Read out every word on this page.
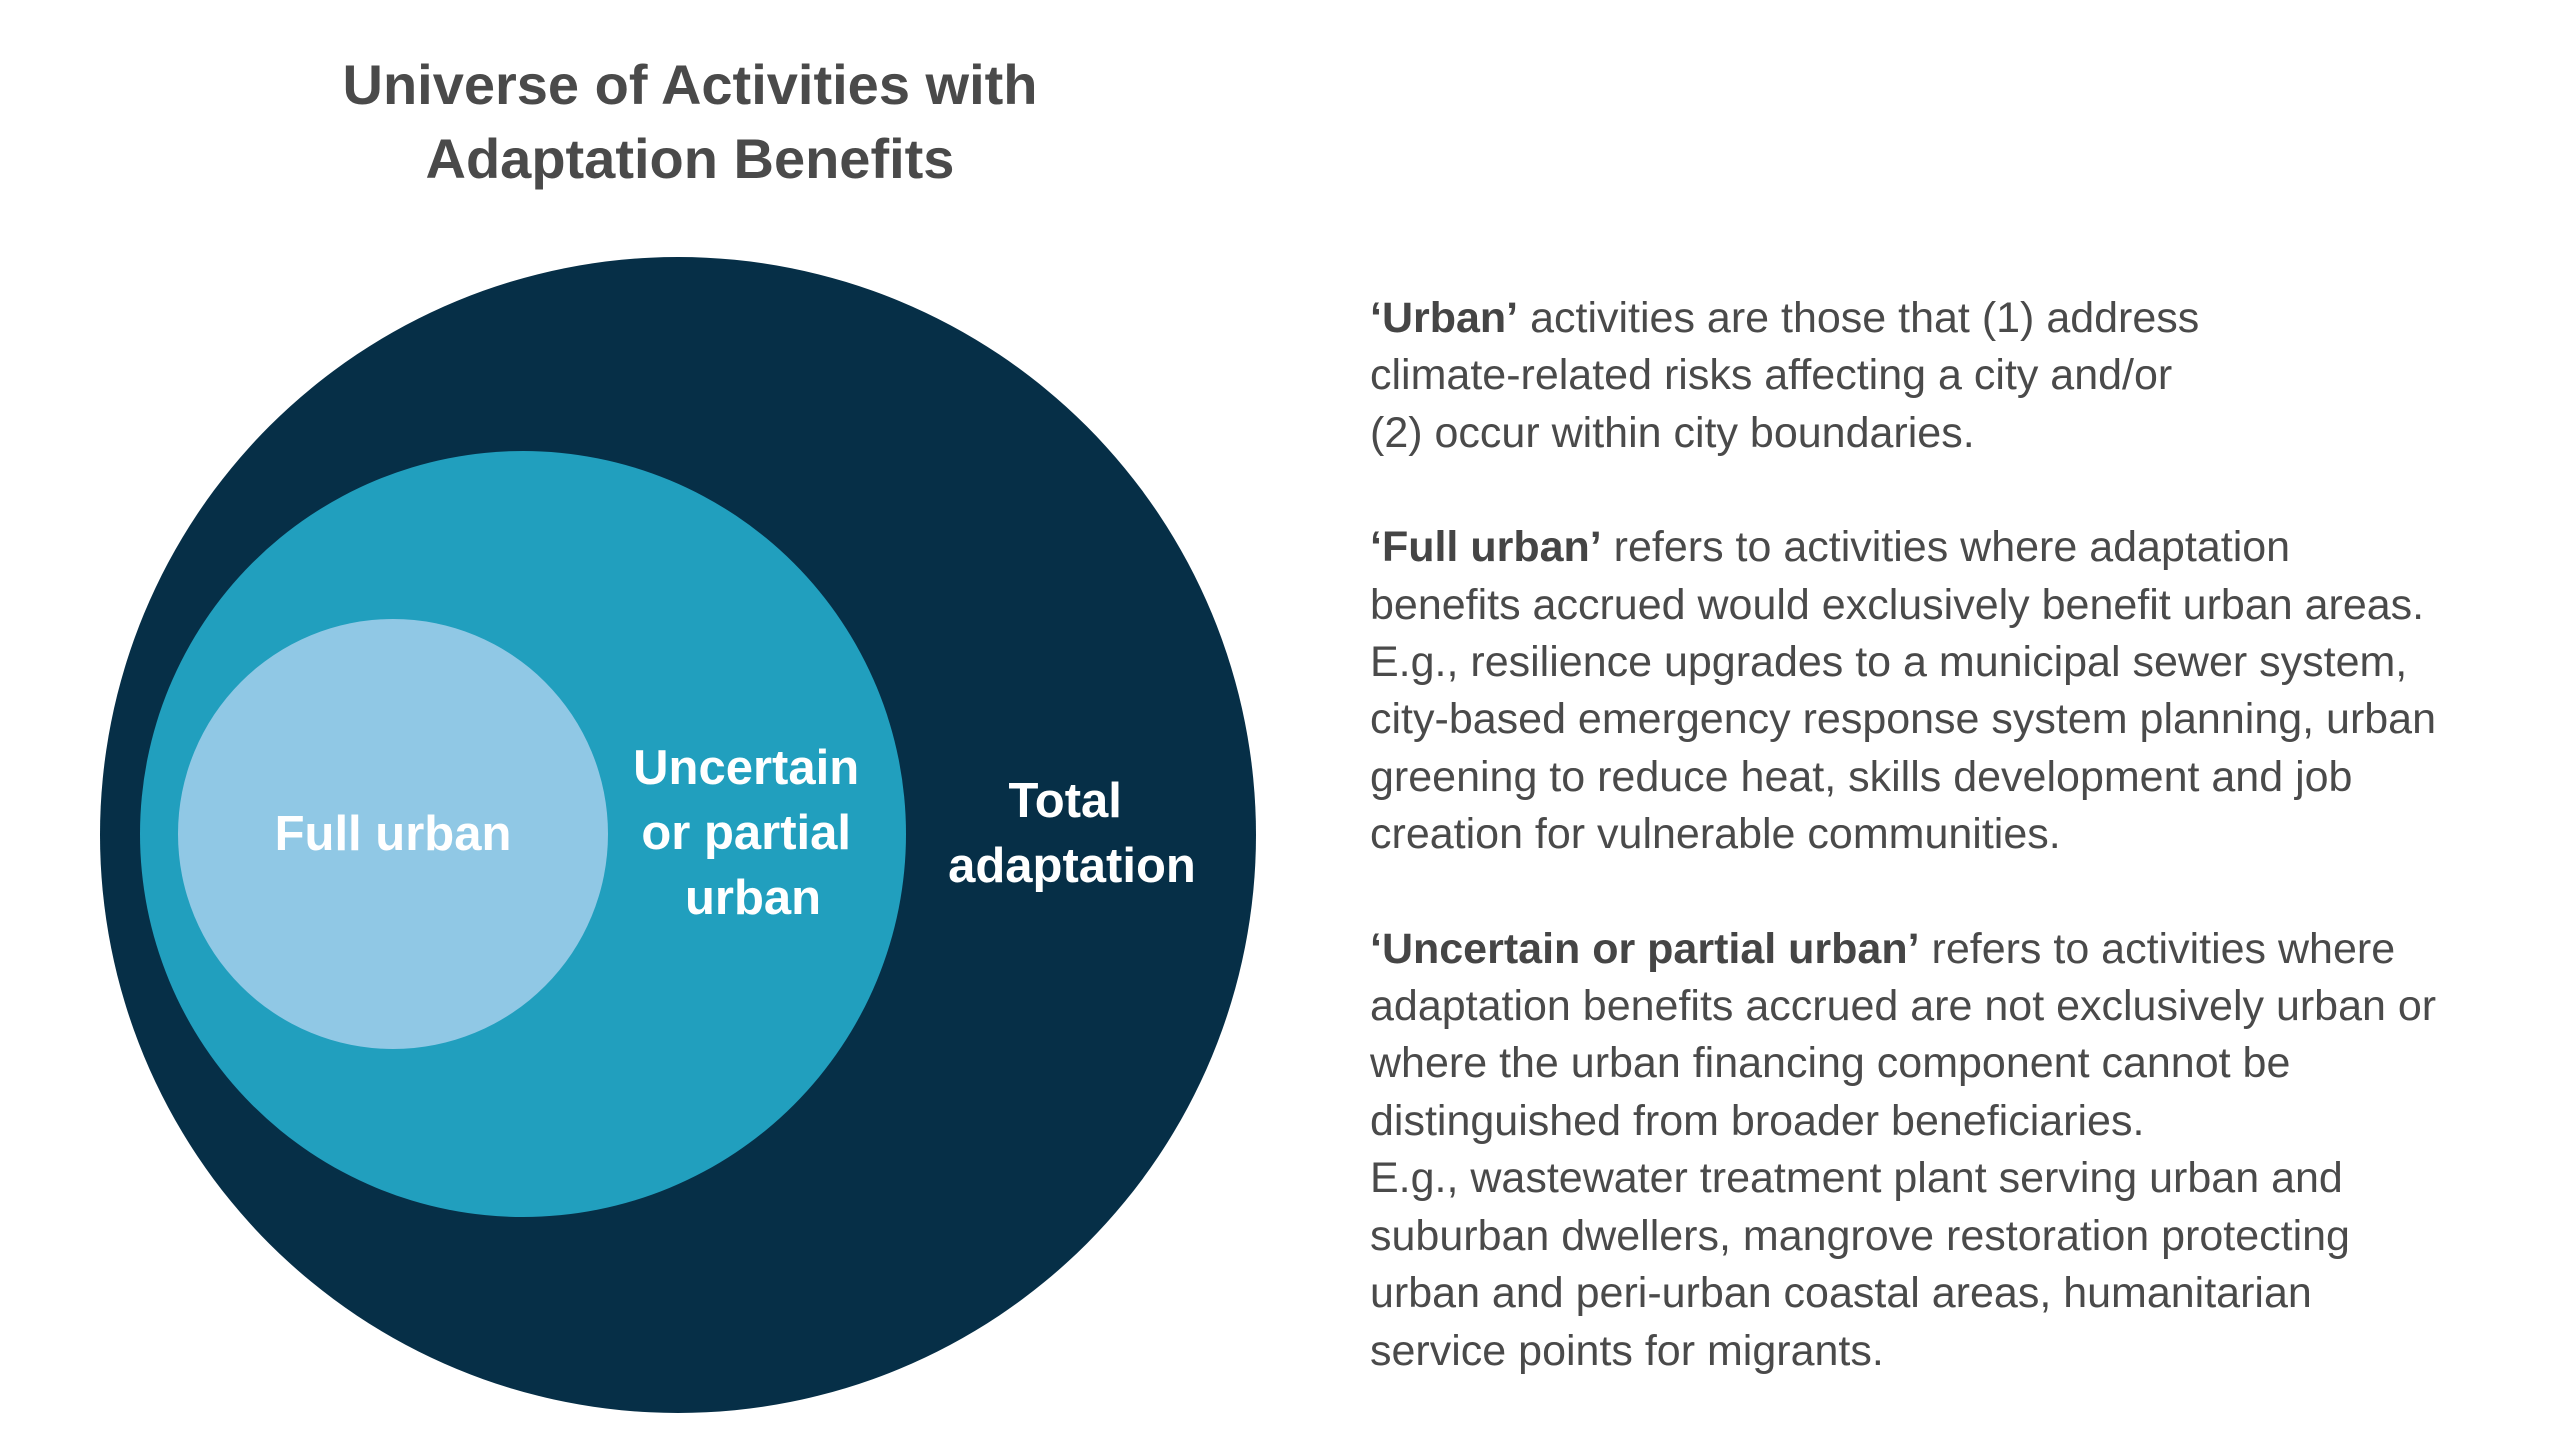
Universe of Activities with
Adaptation Benefits
Full urban
Uncertain or partial urban
Total adaptation

‘Urban’ activities are those that (1) address
climate-related risks affecting a city and/or
(2) occur within city boundaries.

‘Full urban’ refers to activities where adaptation
benefits accrued would exclusively benefit urban areas.
E.g., resilience upgrades to a municipal sewer system,
city-based emergency response system planning, urban
greening to reduce heat, skills development and job
creation for vulnerable communities.

‘Uncertain or partial urban’ refers to activities where
adaptation benefits accrued are not exclusively urban or
where the urban financing component cannot be
distinguished from broader beneficiaries.
E.g., wastewater treatment plant serving urban and
suburban dwellers, mangrove restoration protecting
urban and peri-urban coastal areas, humanitarian
service points for migrants.
